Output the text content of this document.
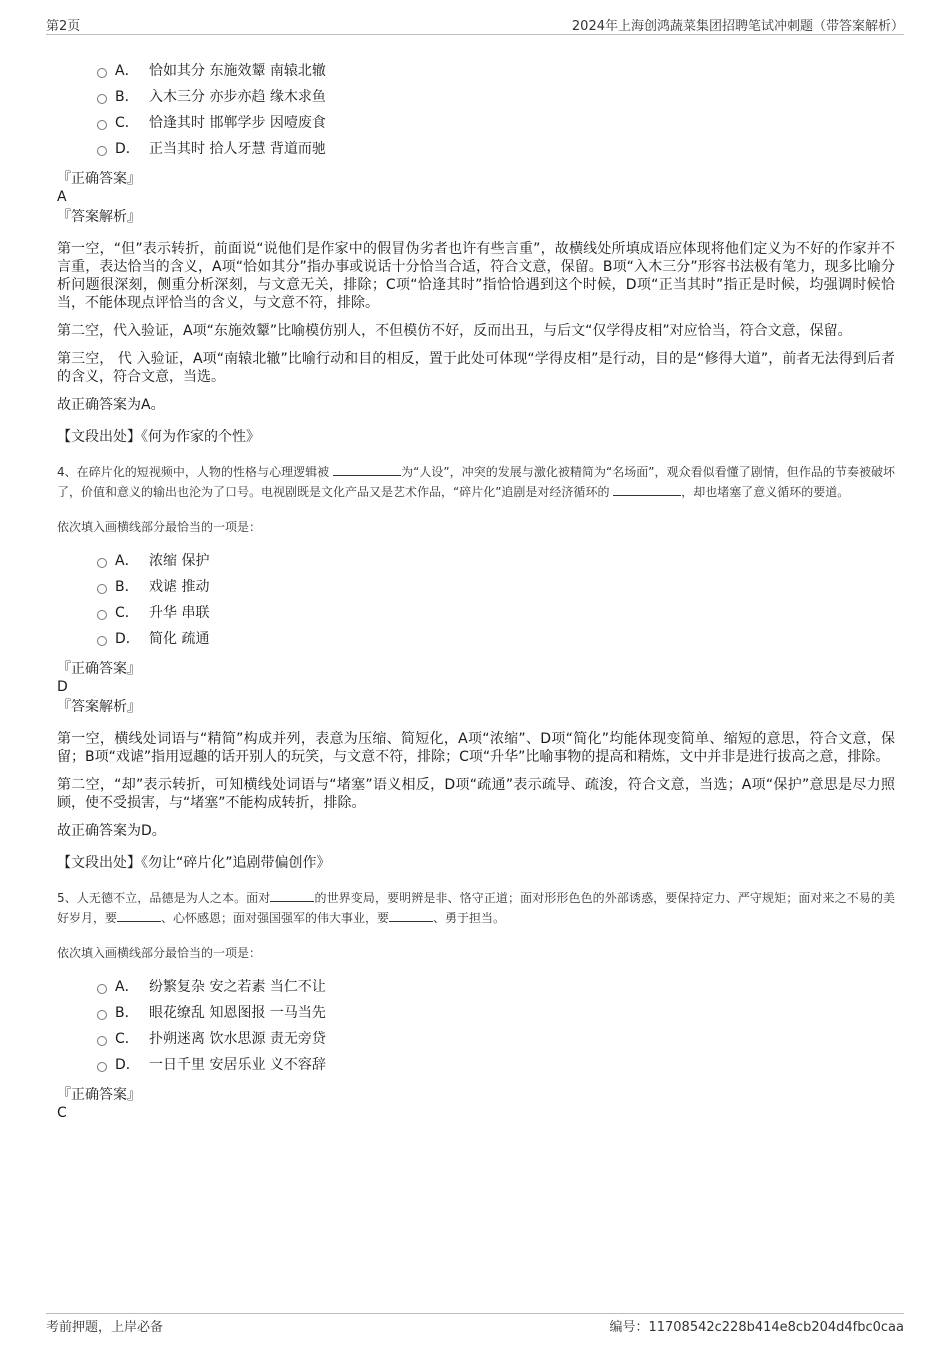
第2页	2024年上海创鸿蔬菜集团招聘笔试冲刺题（带答案解析）
A． 恰如其分 东施效颦 南辕北辙
B． 入木三分 亦步亦趋 缘木求鱼
C． 恰逢其时 邯郸学步 因噎废食
D． 正当其时 拾人牙慧 背道而驰

『正确答案』

A

『答案解析』

第一空，“但”表示转折，前面说“说他们是作家中的假冒伪劣者也许有些言重”，故横线处所填成语应体现将他们定义为不好的作家并不言重，表达恰当的含义，A项“恰如其分”指办事或说话十分恰当合适，符合文意，保留。B项“入木三分”形容书法极有笔力，现多比喻分析问题很深刻，侧重分析深刻，与文意无关，排除；C项“恰逢其时”指恰恰遇到这个时候，D项“正当其时”指正是时候，均强调时候恰当，不能体现点评恰当的含义，与文意不符，排除。

第二空，代入验证，A项“东施效颦”比喻模仿别人，不但模仿不好，反而出丑，与后文“仅学得皮相”对应恰当，符合文意，保留。

第三空， 代 入验证，A项“南辕北辙”比喻行动和目的相反，置于此处可体现“学得皮相”是行动，目的是“修得大道”，前者无法得到后者的含义，符合文意，当选。

故正确答案为A。

【文段出处】《何为作家的个性》

4、在碎片化的短视频中，人物的性格与心理逻辑被	为“人设”，冲突的发展与激化被精简为“名场面”，观众看似看懂了剧情，但作品的节奏被破坏了，价值和意义的输出也沦为了口号。电视剧既是文化产品又是艺术作品，“碎片化”追剧是对经济循环的	，却也堵塞了意义循环的要道。

依次填入画横线部分最恰当的一项是：

A． 浓缩 保护
B． 戏谑 推动
C． 升华 串联
D． 简化 疏通

『正确答案』

D

『答案解析』

第一空，横线处词语与“精简”构成并列，表意为压缩、简短化，A项“浓缩”、D项“简化”均能体现变简单、缩短的意思，符合文意，保留；B项“戏谑”指用逗趣的话开别人的玩笑，与文意不符，排除；C项“升华”比喻事物的提高和精炼，文中并非是进行拔高之意，排除。

第二空，“却”表示转折，可知横线处词语与“堵塞”语义相反，D项“疏通”表示疏导、疏浚，符合文意，当选；A项“保护”意思是尽力照顾，使不受损害，与“堵塞”不能构成转折，排除。

故正确答案为D。

【文段出处】《勿让“碎片化”追剧带偏创作》

5、人无德不立，品德是为人之本。面对	的世界变局，要明辨是非、恪守正道；面对形形色色的外部诱惑，要保持定力、严守规矩；面对来之不易的美好岁月，要	、心怀感恩；面对强国强军的伟大事业，要	、勇于担当。

依次填入画横线部分最恰当的一项是：

A． 纷繁复杂 安之若素 当仁不让
B． 眼花缭乱 知恩图报 一马当先
C． 扑朔迷离 饮水思源 责无旁贷
D． 一日千里 安居乐业 义不容辞

『正确答案』

C

考前押题，上岸必备	编号：11708542c228b414e8cb204d4fbc0caa
